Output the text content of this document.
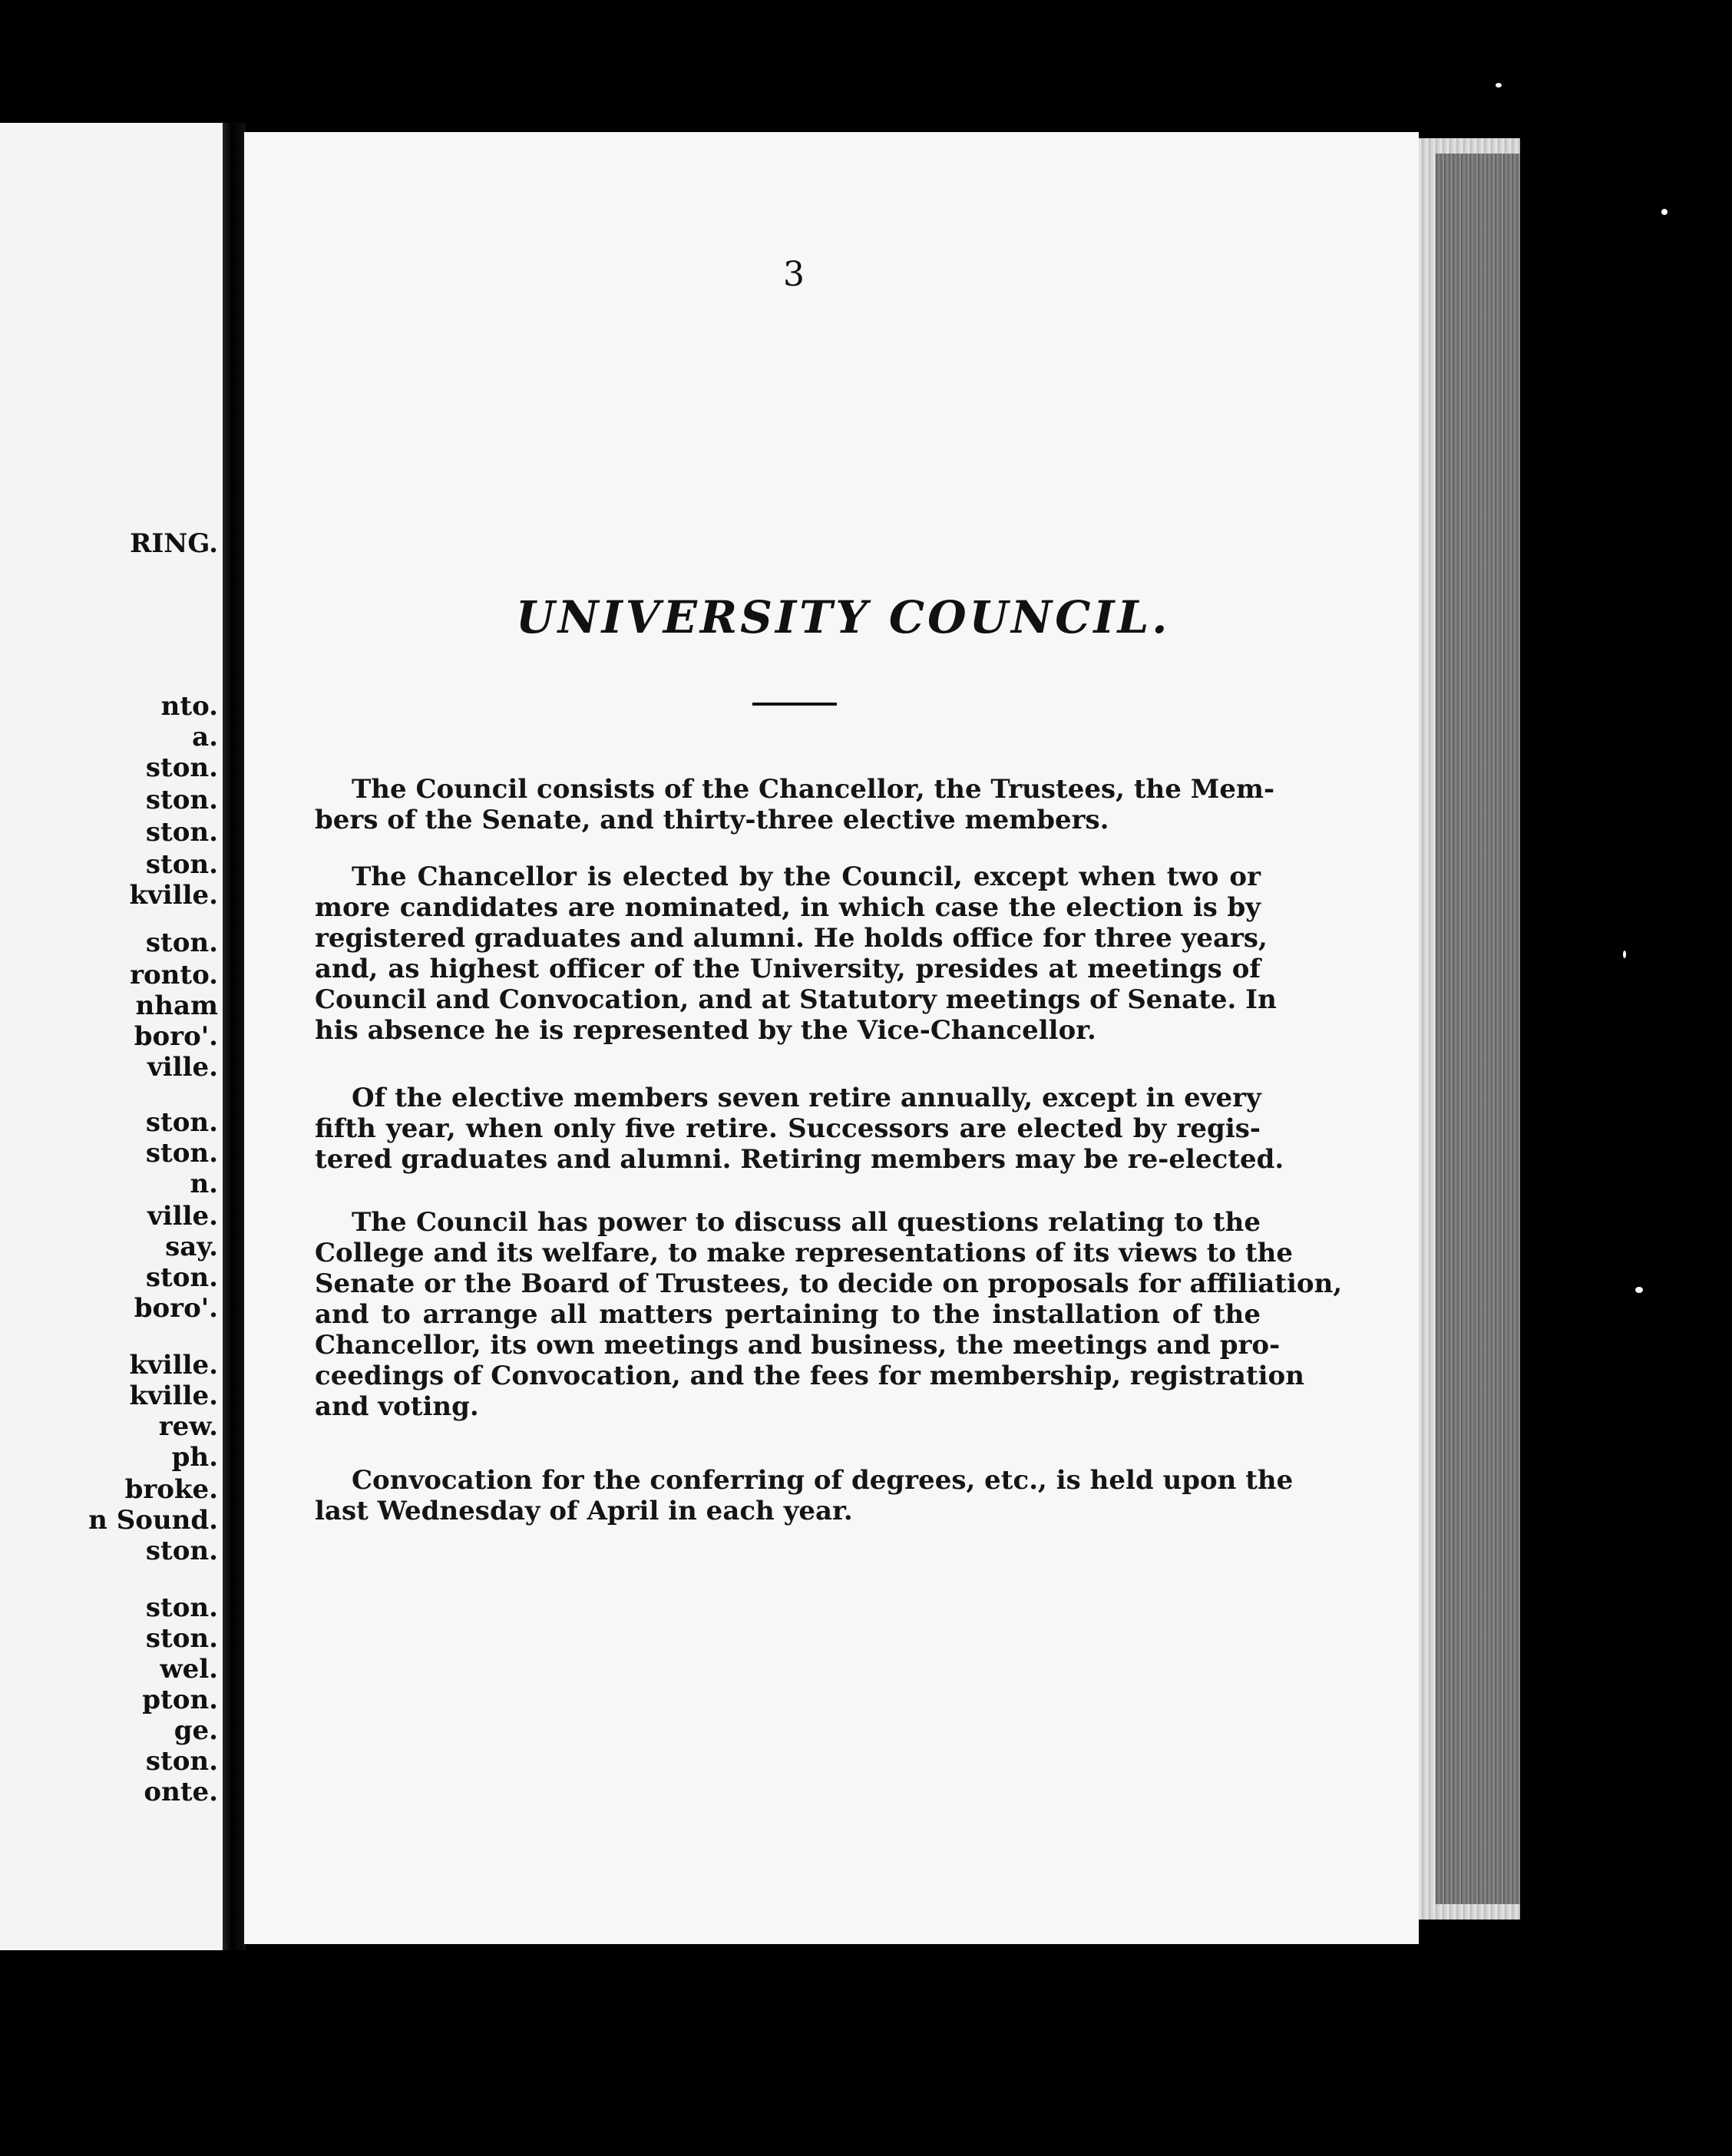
RING.
nto.
a.
ston.
ston.
ston.
ston.
kville.
ston.
ronto.
nham
boro'.
ville.
ston.
ston.
n.
ville.
say.
ston.
boro'.
kville.
kville.
rew.
ph.
broke.
n Sound.
ston.
ston.
ston.
wel.
pton.
ge.
ston.
onte.
3
UNIVERSITY COUNCIL.
The Council consists of the Chancellor, the Trustees, the Mem-
bers of the Senate, and thirty-three elective members.
The Chancellor is elected by the Council, except when two or
more candidates are nominated, in which case the election is by
registered graduates and alumni. He holds office for three years,
and, as highest officer of the University, presides at meetings of
Council and Convocation, and at Statutory meetings of Senate. In
his absence he is represented by the Vice-Chancellor.
Of the elective members seven retire annually, except in every
fifth year, when only five retire. Successors are elected by regis-
tered graduates and alumni. Retiring members may be re-elected.
The Council has power to discuss all questions relating to the
College and its welfare, to make representations of its views to the
Senate or the Board of Trustees, to decide on proposals for affiliation,
and to arrange all matters pertaining to the installation of the
Chancellor, its own meetings and business, the meetings and pro-
ceedings of Convocation, and the fees for membership, registration
and voting.
Convocation for the conferring of degrees, etc., is held upon the
last Wednesday of April in each year.
